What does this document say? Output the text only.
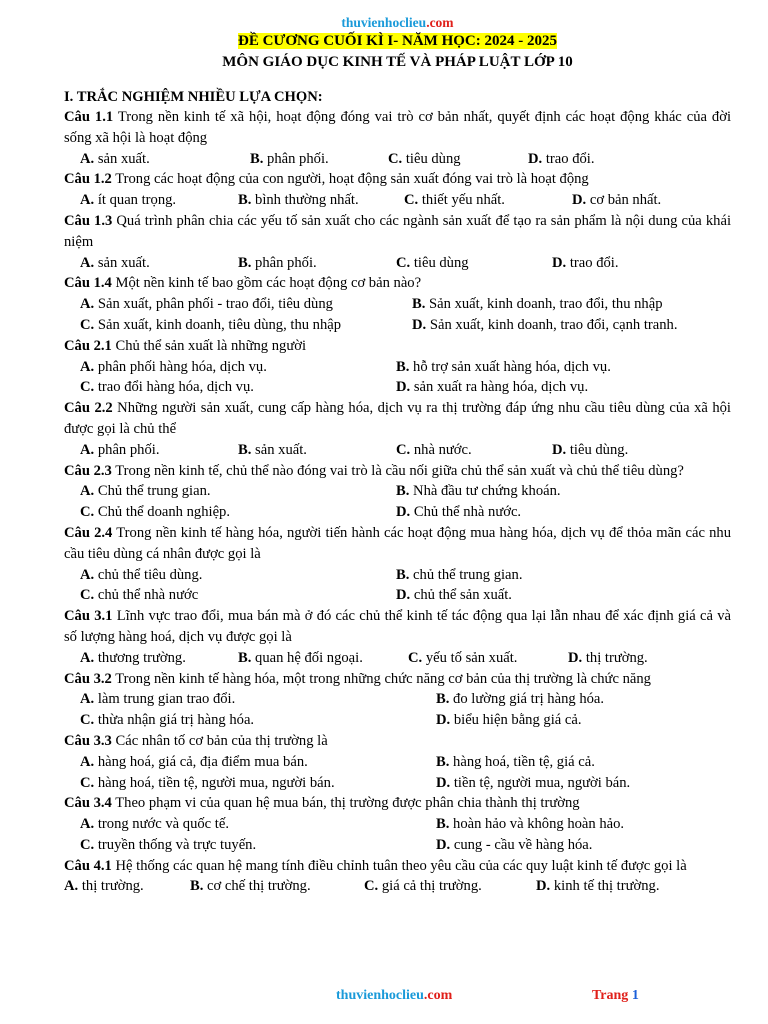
thuvienhoclieu.com
ĐỀ CƯƠNG CUỐI KÌ I- NĂM HỌC: 2024 - 2025
MÔN GIÁO DỤC KINH TẾ VÀ PHÁP LUẬT LỚP 10
I. TRẮC NGHIỆM NHIỀU LỰA CHỌN:
Câu 1.1 Trong nền kinh tế xã hội, hoạt động đóng vai trò cơ bản nhất, quyết định các hoạt động khác của đời sống xã hội là hoạt động
A. sản xuất.	B. phân phối.	C. tiêu dùng	D. trao đổi.
Câu 1.2 Trong các hoạt động của con người, hoạt động sản xuất đóng vai trò là hoạt động
A. ít quan trọng.	B. bình thường nhất.	C. thiết yếu nhất.	D. cơ bản nhất.
Câu 1.3 Quá trình phân chia các yếu tố sản xuất cho các ngành sản xuất để tạo ra sản phẩm là nội dung của khái niệm
A. sản xuất.	B. phân phối.	C. tiêu dùng	D. trao đổi.
Câu 1.4 Một nền kinh tế bao gồm các hoạt động cơ bản nào?
A. Sản xuất, phân phối - trao đổi, tiêu dùng	B. Sản xuất, kinh doanh, trao đổi, thu nhập
C. Sản xuất, kinh doanh, tiêu dùng, thu nhập	D. Sản xuất, kinh doanh, trao đổi, cạnh tranh.
Câu 2.1 Chủ thể sản xuất là những người
A. phân phối hàng hóa, dịch vụ.	B. hỗ trợ sản xuất hàng hóa, dịch vụ.
C. trao đổi hàng hóa, dịch vụ.	D. sản xuất ra hàng hóa, dịch vụ.
Câu 2.2 Những người sản xuất, cung cấp hàng hóa, dịch vụ ra thị trường đáp ứng nhu cầu tiêu dùng của xã hội được gọi là chủ thể
A. phân phối.	B. sản xuất.	C. nhà nước.	D. tiêu dùng.
Câu 2.3 Trong nền kinh tế, chủ thể nào đóng vai trò là cầu nối giữa chủ thể sản xuất và chủ thể tiêu dùng?
A. Chủ thể trung gian.	B. Nhà đầu tư chứng khoán.
C. Chủ thể doanh nghiệp.	D. Chủ thể nhà nước.
Câu 2.4 Trong nền kinh tế hàng hóa, người tiến hành các hoạt động mua hàng hóa, dịch vụ để thỏa mãn các nhu cầu tiêu dùng cá nhân được gọi là
A. chủ thể tiêu dùng.	B. chủ thể trung gian.
C. chủ thể nhà nước	D. chủ thể sản xuất.
Câu 3.1 Lĩnh vực trao đổi, mua bán mà ở đó các chủ thể kinh tế tác động qua lại lẫn nhau để xác định giá cả và số lượng hàng hoá, dịch vụ được gọi là
A. thương trường.	B. quan hệ đối ngoại.	C. yếu tố sản xuất.	D. thị trường.
Câu 3.2 Trong nền kinh tế hàng hóa, một trong những chức năng cơ bản của thị trường là chức năng
A. làm trung gian trao đổi.	B. đo lường giá trị hàng hóa.
C. thừa nhận giá trị hàng hóa.	D. biểu hiện bằng giá cả.
Câu 3.3 Các nhân tố cơ bản của thị trường là
A. hàng hoá, giá cả, địa điểm mua bán.	B. hàng hoá, tiền tệ, giá cả.
C. hàng hoá, tiền tệ, người mua, người bán.	D. tiền tệ, người mua, người bán.
Câu 3.4 Theo phạm vi của quan hệ mua bán, thị trường được phân chia thành thị trường
A. trong nước và quốc tế.	B. hoàn hảo và không hoàn hảo.
C. truyền thống và trực tuyến.	D. cung - cầu về hàng hóa.
Câu 4.1 Hệ thống các quan hệ mang tính điều chỉnh tuân theo yêu cầu của các quy luật kinh tế được gọi là
A. thị trường.	B. cơ chế thị trường.	C. giá cả thị trường.	D. kinh tế thị trường.
thuvienhoclieu.com	Trang 1
